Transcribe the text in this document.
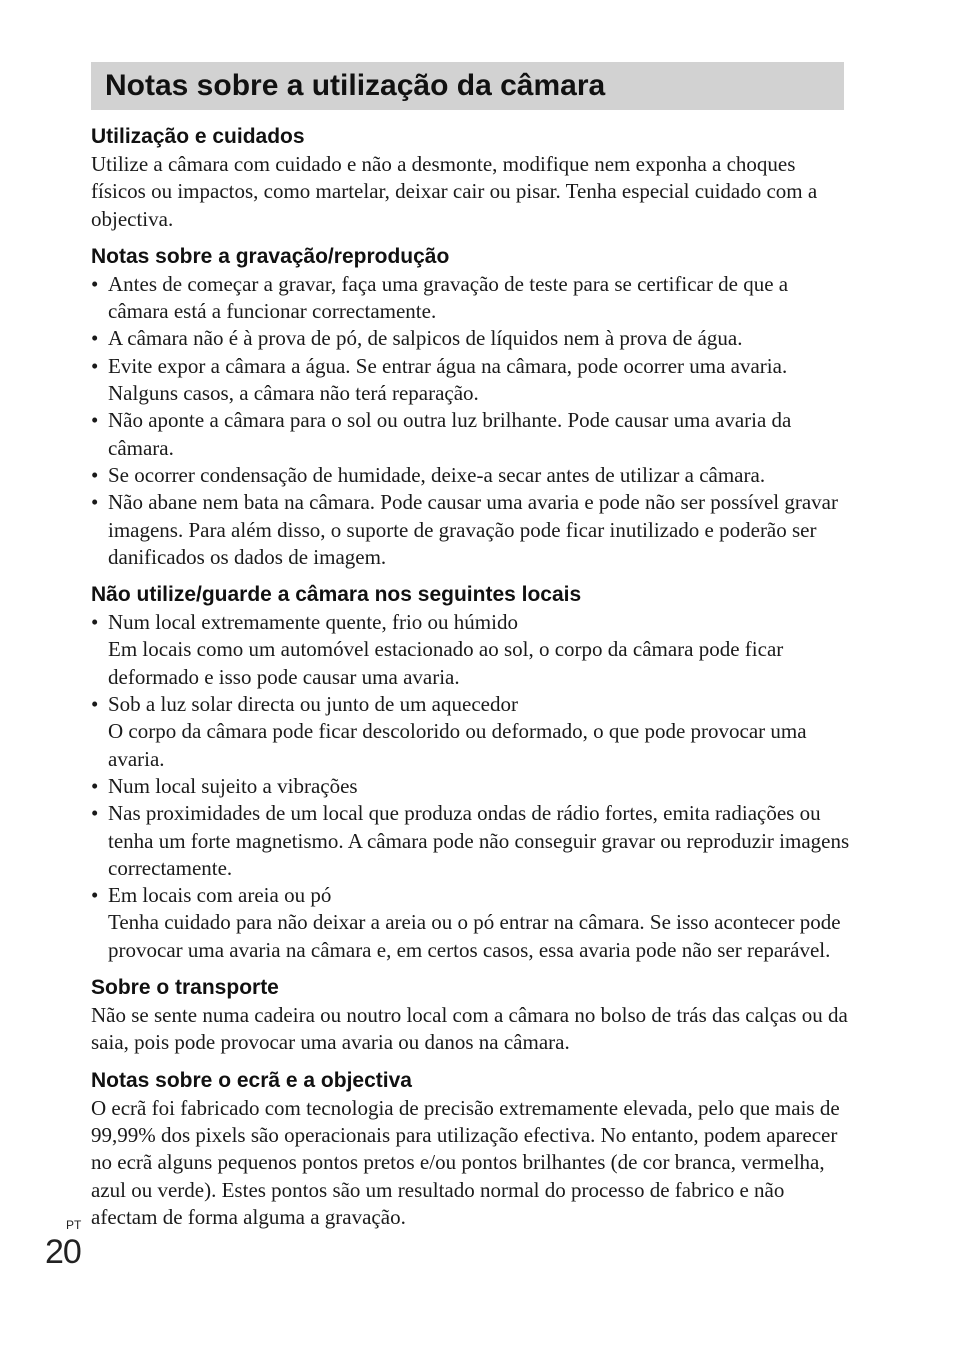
Notas sobre a utilização da câmara
Utilização e cuidados

Utilize a câmara com cuidado e não a desmonte, modifique nem exponha a choques físicos ou impactos, como martelar, deixar cair ou pisar. Tenha especial cuidado com a objectiva.

Notas sobre a gravação/reprodução
• Antes de começar a gravar, faça uma gravação de teste para se certificar de que a câmara está a funcionar correctamente.
• A câmara não é à prova de pó, de salpicos de líquidos nem à prova de água.
• Evite expor a câmara a água. Se entrar água na câmara, pode ocorrer uma avaria. Nalguns casos, a câmara não terá reparação.
• Não aponte a câmara para o sol ou outra luz brilhante. Pode causar uma avaria da câmara.
• Se ocorrer condensação de humidade, deixe-a secar antes de utilizar a câmara.
• Não abane nem bata na câmara. Pode causar uma avaria e pode não ser possível gravar imagens. Para além disso, o suporte de gravação pode ficar inutilizado e poderão ser danificados os dados de imagem.
Não utilize/guarde a câmara nos seguintes locais
• Num local extremamente quente, frio ou húmido
Em locais como um automóvel estacionado ao sol, o corpo da câmara pode ficar deformado e isso pode causar uma avaria.
• Sob a luz solar directa ou junto de um aquecedor
O corpo da câmara pode ficar descolorido ou deformado, o que pode provocar uma avaria.
• Num local sujeito a vibrações
• Nas proximidades de um local que produza ondas de rádio fortes, emita radiações ou tenha um forte magnetismo. A câmara pode não conseguir gravar ou reproduzir imagens correctamente.
• Em locais com areia ou pó
Tenha cuidado para não deixar a areia ou o pó entrar na câmara. Se isso acontecer pode provocar uma avaria na câmara e, em certos casos, essa avaria pode não ser reparável.
Sobre o transporte

Não se sente numa cadeira ou noutro local com a câmara no bolso de trás das calças ou da saia, pois pode provocar uma avaria ou danos na câmara.

Notas sobre o ecrã e a objectiva

O ecrã foi fabricado com tecnologia de precisão extremamente elevada, pelo que mais de 99,99% dos pixels são operacionais para utilização efectiva. No entanto, podem aparecer no ecrã alguns pequenos pontos pretos e/ou pontos brilhantes (de cor branca, vermelha, azul ou verde). Estes pontos são um resultado normal do processo de fabrico e não afectam de forma alguma a gravação.

PT
20
